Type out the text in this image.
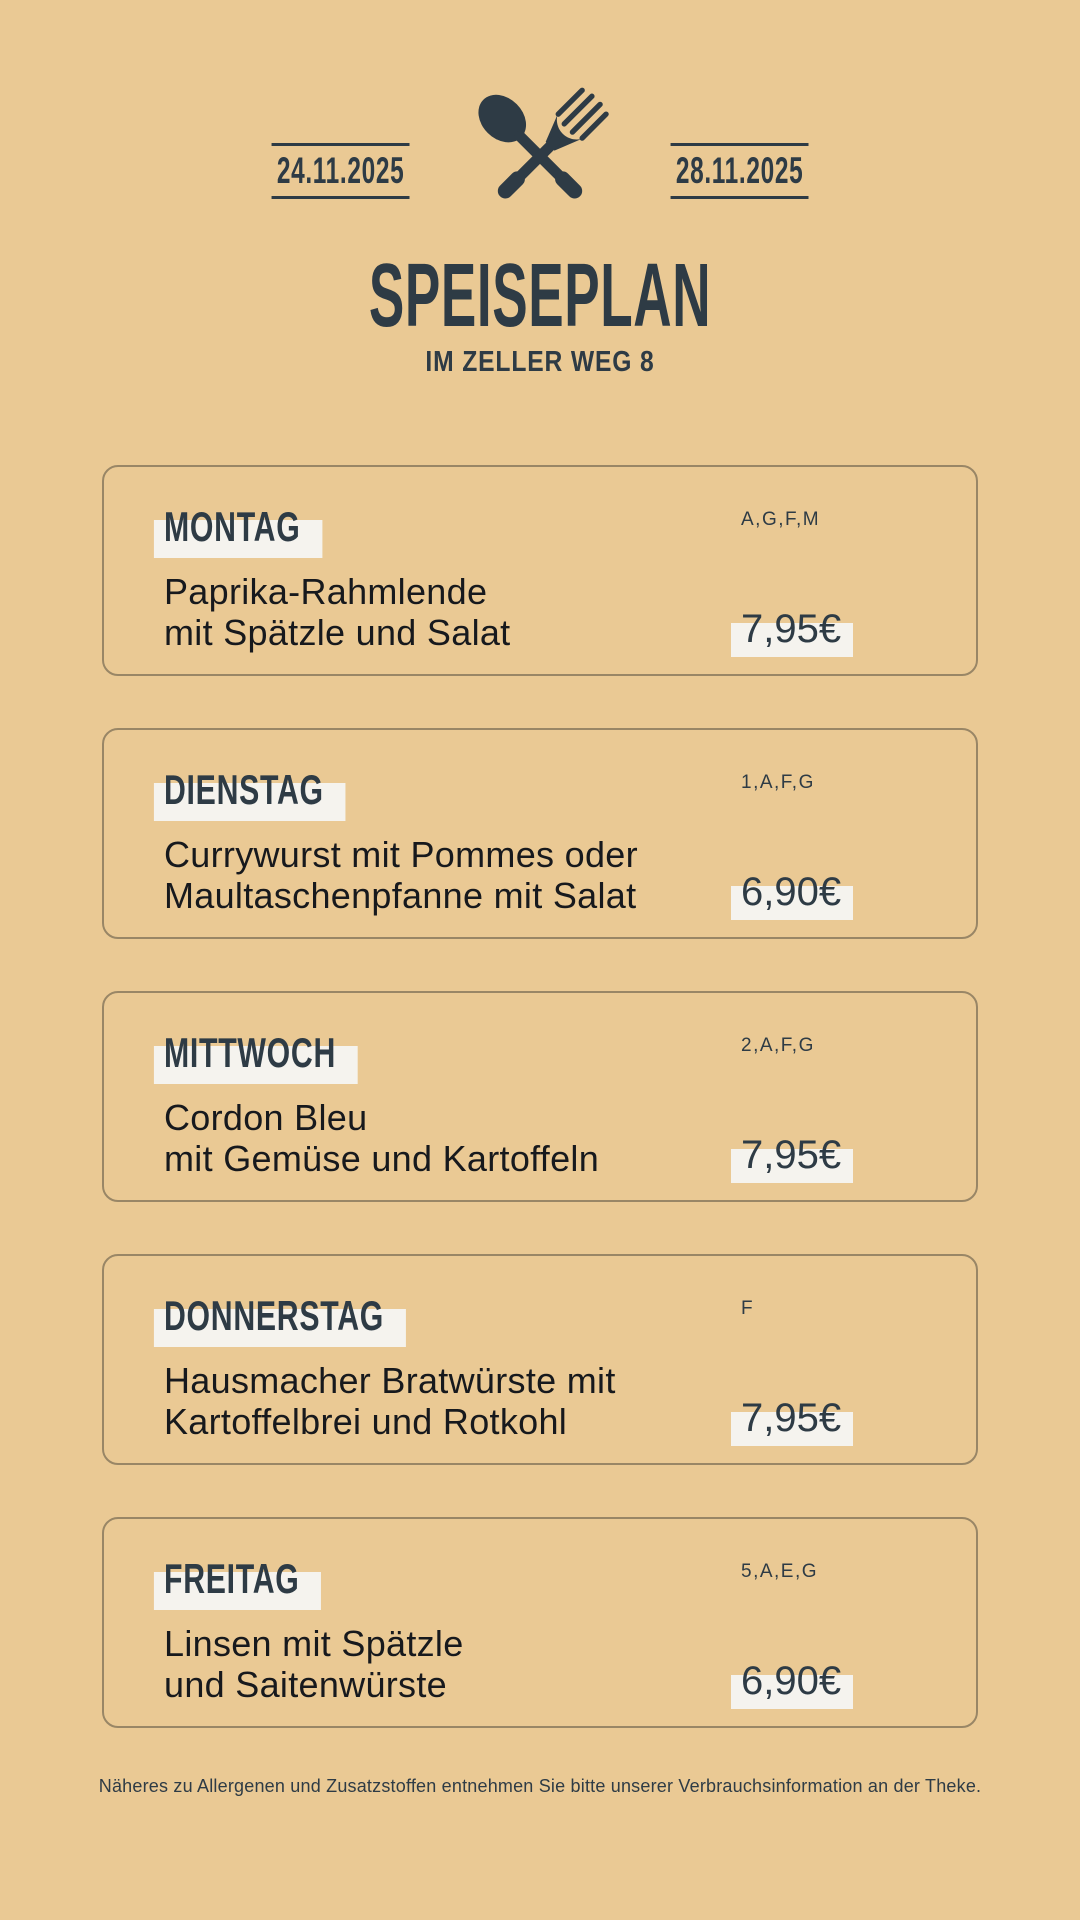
24.11.2025	28.11.2025
SPEISEPLAN
IM ZELLER WEG 8
MONTAG	A,G,F,M
Paprika-Rahmlende
mit Spätzle und Salat	7,95€
DIENSTAG	1,A,F,G
Currywurst mit Pommes oder
Maultaschenpfanne mit Salat	6,90€
MITTWOCH	2,A,F,G
Cordon Bleu
mit Gemüse und Kartoffeln	7,95€
DONNERSTAG	F
Hausmacher Bratwürste mit
Kartoffelbrei und Rotkohl	7,95€
FREITAG	5,A,E,G
Linsen mit Spätzle
und Saitenwürste	6,90€
Näheres zu Allergenen und Zusatzstoffen entnehmen Sie bitte unserer Verbrauchsinformation an der Theke.
